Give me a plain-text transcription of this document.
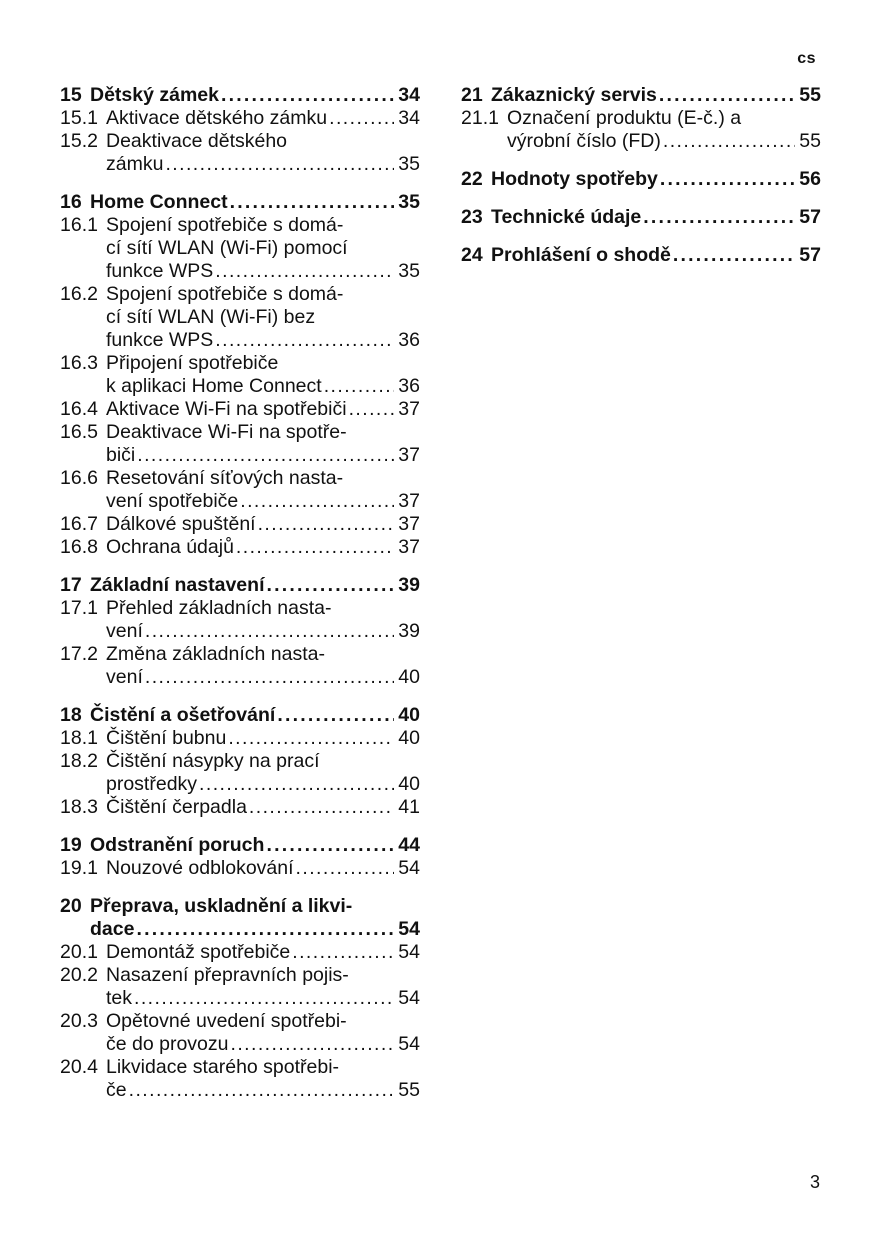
cs
15 Dětský zámek . . .	34
15.1 Aktivace dětského zámku . . .	34
15.2 Deaktivace dětského
zámku . . .	35
16 Home Connect . . .	35
16.1 Spojení spotřebiče s domá-
cí sítí WLAN (Wi-Fi) pomocí
funkce WPS . . .	35
16.2 Spojení spotřebiče s domá-
cí sítí WLAN (Wi-Fi) bez
funkce WPS . . .	36
16.3 Připojení spotřebiče
k aplikaci Home Connect . . .	36
16.4 Aktivace Wi-Fi na spotřebiči . . .	37
16.5 Deaktivace Wi-Fi na spotře-
biči . . .	37
16.6 Resetování síťových nasta-
vení spotřebiče . . .	37
16.7 Dálkové spuštění . . .	37
16.8 Ochrana údajů . . .	37
17 Základní nastavení . . .	39
17.1 Přehled základních nasta-
vení . . .	39
17.2 Změna základních nasta-
vení . . .	40
18 Čistění a ošetřování . . .	40
18.1 Čištění bubnu . . .	40
18.2 Čištění násypky na prací
prostředky . . .	40
18.3 Čištění čerpadla . . .	41
19 Odstranění poruch . . .	44
19.1 Nouzové odblokování . . .	54
20 Přeprava, uskladnění a likvi-
dace . . .	54
20.1 Demontáž spotřebiče . . .	54
20.2 Nasazení přepravních pojis-
tek . . .	54
20.3 Opětovné uvedení spotřebi-
če do provozu . . .	54
20.4 Likvidace starého spotřebi-
če . . .	55
21 Zákaznický servis . . .	55
21.1 Označení produktu (E-č.) a
výrobní číslo (FD) . . .	55
22 Hodnoty spotřeby . . .	56
23 Technické údaje . . .	57
24 Prohlášení o shodě . . .	57
3
